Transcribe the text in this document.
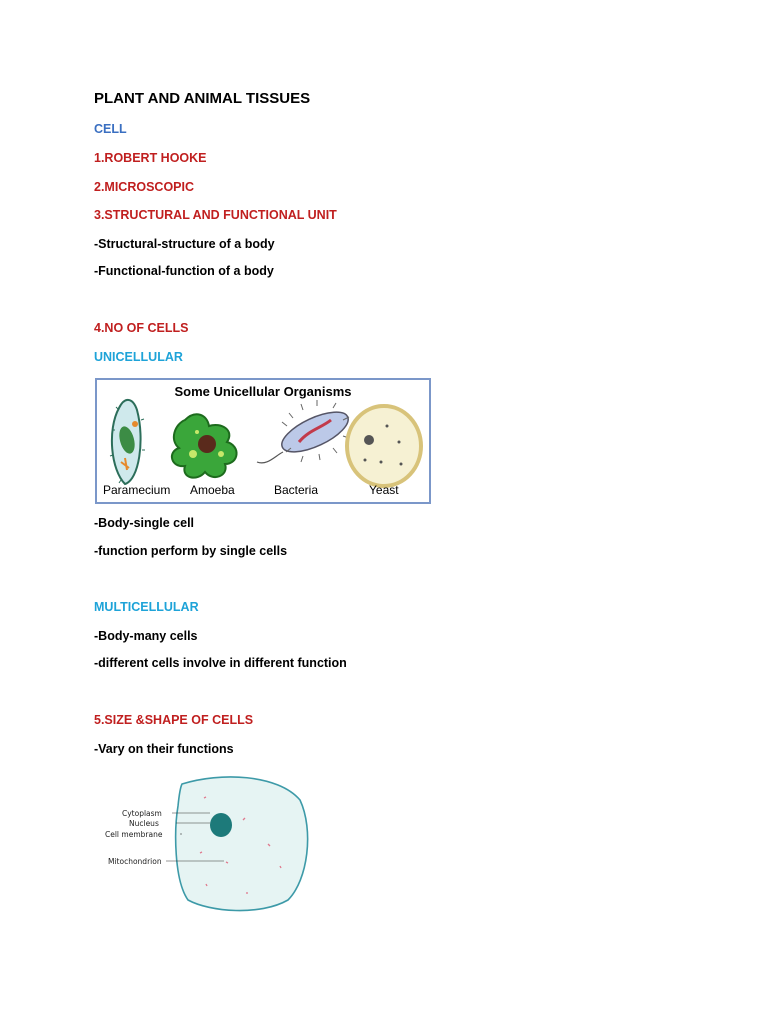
PLANT AND ANIMAL TISSUES
CELL
1.ROBERT HOOKE
2.MICROSCOPIC
3.STRUCTURAL AND FUNCTIONAL UNIT
-Structural-structure of a body
-Functional-function of a body
4.NO OF CELLS
UNICELLULAR
Some Unicellular Organisms
Paramecium Amoeba	Bacteria	Yeast
-Body-single cell
-function perform by single cells
MULTICELLULAR
-Body-many cells
-different cells involve in different function
5.SIZE &SHAPE OF CELLS
-Vary on their functions
Cytoplasm
Nucleus
Cell membrane
Mitochondrion
